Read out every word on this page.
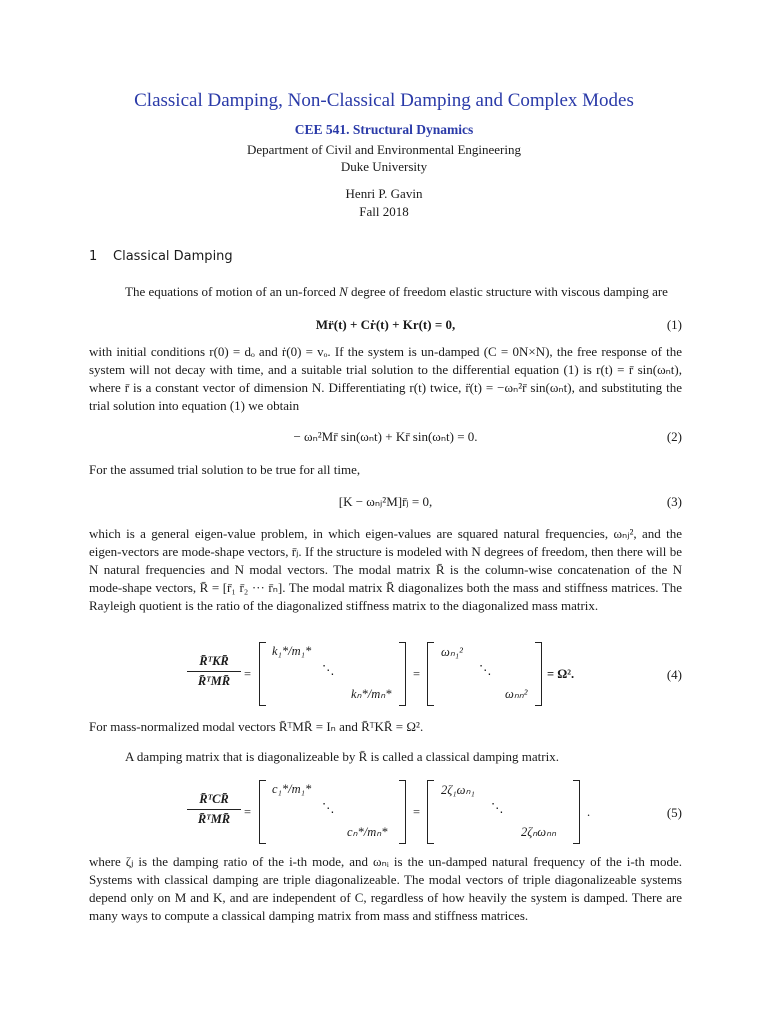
Classical Damping, Non-Classical Damping and Complex Modes
CEE 541. Structural Dynamics
Department of Civil and Environmental Engineering
Duke University
Henri P. Gavin
Fall 2018
1 Classical Damping
The equations of motion of an un-forced N degree of freedom elastic structure with viscous damping are
Mr̈(t) + Cṙ(t) + Kr(t) = 0,	(1)
with initial conditions r(0) = dₒ and ṙ(0) = vₒ. If the system is un-damped (C = 0N×N), the free response of the system will not decay with time, and a suitable trial solution to the differential equation (1) is r(t) = r̄ sin(ωₙt), where r̄ is a constant vector of dimension N. Differentiating r(t) twice, r̈(t) = −ωₙ²r̄ sin(ωₙt), and substituting the trial solution into equation (1) we obtain
− ωₙ²Mr̄ sin(ωₙt) + Kr̄ sin(ωₙt) = 0.	(2)
For the assumed trial solution to be true for all time,
[K − ωₙⱼ²M]r̄ⱼ = 0,	(3)
which is a general eigen-value problem, in which eigen-values are squared natural frequencies, ωₙⱼ², and the eigen-vectors are mode-shape vectors, r̄ⱼ. If the structure is modeled with N degrees of freedom, then there will be N natural frequencies and N modal vectors. The modal matrix R̄ is the column-wise concatenation of the N mode-shape vectors, R̄ = [r̄₁ r̄₂ ··· r̄ₙ]. The modal matrix R̄ diagonalizes both the mass and stiffness matrices. The Rayleigh quotient is the ratio of the diagonalized stiffness matrix to the diagonalized mass matrix.
R̄ᵀKR̄
R̄ᵀMR̄	=
k₁*/m₁*
⋱
kₙ*/mₙ*
=
ωₙ₁²
⋱
ωₙₙ²
= Ω².	(4)
For mass-normalized modal vectors R̄ᵀMR̄ = Iₙ and R̄ᵀKR̄ = Ω².
A damping matrix that is diagonalizeable by R̄ is called a classical damping matrix.
R̄ᵀCR̄
R̄ᵀMR̄	=
c₁*/m₁*
⋱
cₙ*/mₙ*
=
2ζ₁ωₙ₁
⋱
2ζₙωₙₙ
.	(5)
where ζⱼ is the damping ratio of the i-th mode, and ωₙᵢ is the un-damped natural frequency of the i-th mode. Systems with classical damping are triple diagonalizeable. The modal vectors of triple diagonalizeable systems depend only on M and K, and are independent of C, regardless of how heavily the system is damped. There are many ways to compute a classical damping matrix from mass and stiffness matrices.
